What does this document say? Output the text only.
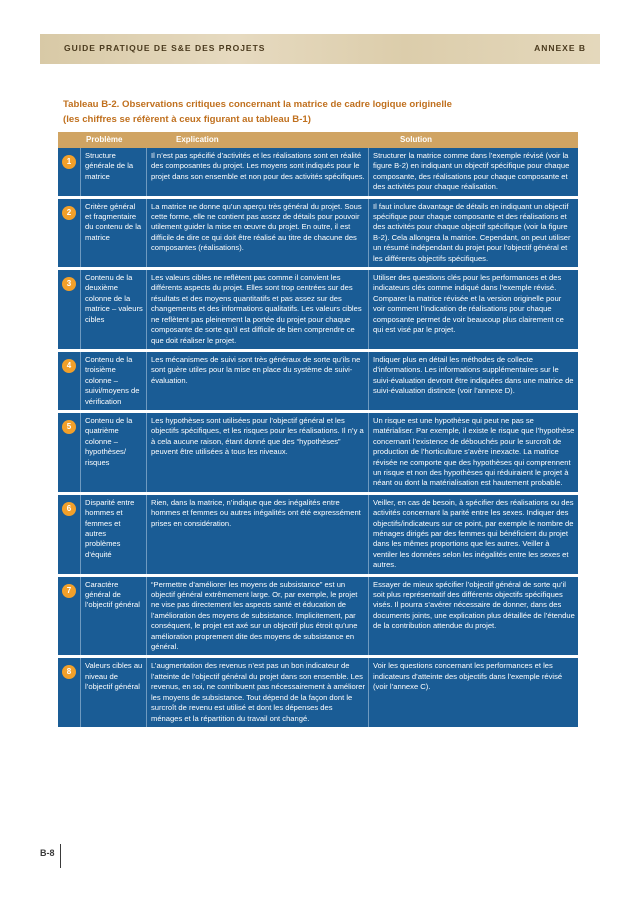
GUIDE PRATIQUE DE S&E DES PROJETS	ANNEXE B
Tableau B-2. Observations critiques concernant la matrice de cadre logique originelle
(les chiffres se réfèrent à ceux figurant au tableau B-1)
Problème	Explication	Solution
1
Structure générale de la matrice
Il n’est pas spécifié d’activités et les réalisations sont en réalité des composantes du projet. Les moyens sont indiqués pour le projet dans son ensemble et non pour des activités spécifiques.
Structurer la matrice comme dans l’exemple révisé (voir la figure B-2) en indiquant un objectif spécifique pour chaque composante, des réalisations pour chaque composante et des activités pour chaque réalisation.
2
Critère général et fragmentaire du contenu de la matrice
La matrice ne donne qu’un aperçu très général du projet. Sous cette forme, elle ne contient pas assez de détails pour pouvoir utilement guider la mise en œuvre du projet. En outre, il est difficile de dire ce qui doit être réalisé au titre de chacune des composantes (réalisations).
Il faut inclure davantage de détails en indiquant un objectif spécifique pour chaque composante et des réalisations et des activités pour chaque objectif spécifique (voir la figure B-2). Cela allongera la matrice. Cependant, on peut utiliser un résumé indépendant du projet pour l’objectif général et les différents objectifs spécifiques.
3
Contenu de la deuxième colonne de la matrice – valeurs cibles
Les valeurs cibles ne reflètent pas comme il convient les différents aspects du projet. Elles sont trop centrées sur des résultats et des moyens quantitatifs et pas assez sur des changements et des informations qualitatifs. Les valeurs cibles ne reflètent pas pleinement la portée du projet pour chaque composante de sorte qu’il est difficile de bien comprendre ce que doit réaliser le projet.
Utiliser des questions clés pour les performances et des indicateurs clés comme indiqué dans l’exemple révisé. Comparer la matrice révisée et la version originelle pour voir comment l’indication de réalisations pour chaque composante permet de voir beaucoup plus clairement ce qui est visé par le projet.
4
Contenu de la troisième colonne – suivi/moyens de vérification
Les mécanismes de suivi sont très généraux de sorte qu’ils ne sont guère utiles pour la mise en place du système de suivi-évaluation.
Indiquer plus en détail les méthodes de collecte d’informations. Les informations supplémentaires sur le suivi-évaluation devront être indiquées dans une matrice de suivi-évaluation distincte (voir l’annexe D).
5
Contenu de la quatrième colonne – hypothèses/ risques
Les hypothèses sont utilisées pour l’objectif général et les objectifs spécifiques, et les risques pour les réalisations. Il n’y a à cela aucune raison, étant donné que des “hypothèses” peuvent être utilisées à tous les niveaux.
Un risque est une hypothèse qui peut ne pas se matérialiser. Par exemple, il existe le risque que l’hypothèse concernant l’existence de débouchés pour le surcroît de production de l’horticulture s’avère inexacte. La matrice révisée ne comporte que des hypothèses qui comprennent un risque et non des hypothèses qui réduiraient le projet à néant ou dont la matérialisation est hautement probable.
6
Disparité entre hommes et femmes et autres problèmes d’équité
Rien, dans la matrice, n’indique que des inégalités entre hommes et femmes ou autres inégalités ont été expressément prises en considération.
Veiller, en cas de besoin, à spécifier des réalisations ou des activités concernant la parité entre les sexes. Indiquer des objectifs/indicateurs sur ce point, par exemple le nombre de ménages dirigés par des femmes qui bénéficient du projet dans les mêmes proportions que les autres. Veiller à ventiler les données selon les inégalités entre les sexes et autres.
7
Caractère général de l’objectif général
“Permettre d’améliorer les moyens de subsistance” est un objectif général extrêmement large. Or, par exemple, le projet ne vise pas directement les aspects santé et éducation de l’amélioration des moyens de subsistance. Implicitement, par conséquent, le projet est axé sur un objectif plus étroit qu’une amélioration proprement dite des moyens de subsistance en général.
Essayer de mieux spécifier l’objectif général de sorte qu’il soit plus représentatif des différents objectifs spécifiques visés. Il pourra s’avérer nécessaire de donner, dans des documents joints, une explication plus détaillée de l’étendue de la contribution attendue du projet.
8
Valeurs cibles au niveau de l’objectif général
L’augmentation des revenus n’est pas un bon indicateur de l’atteinte de l’objectif général du projet dans son ensemble. Les revenus, en soi, ne contribuent pas nécessairement à améliorer les moyens de subsistance. Tout dépend de la façon dont le surcroît de revenu est utilisé et dont les dépenses des ménages et la répartition du travail ont changé.
Voir les questions concernant les performances et les indicateurs d’atteinte des objectifs dans l’exemple révisé (voir l’annexe C).
B-8
